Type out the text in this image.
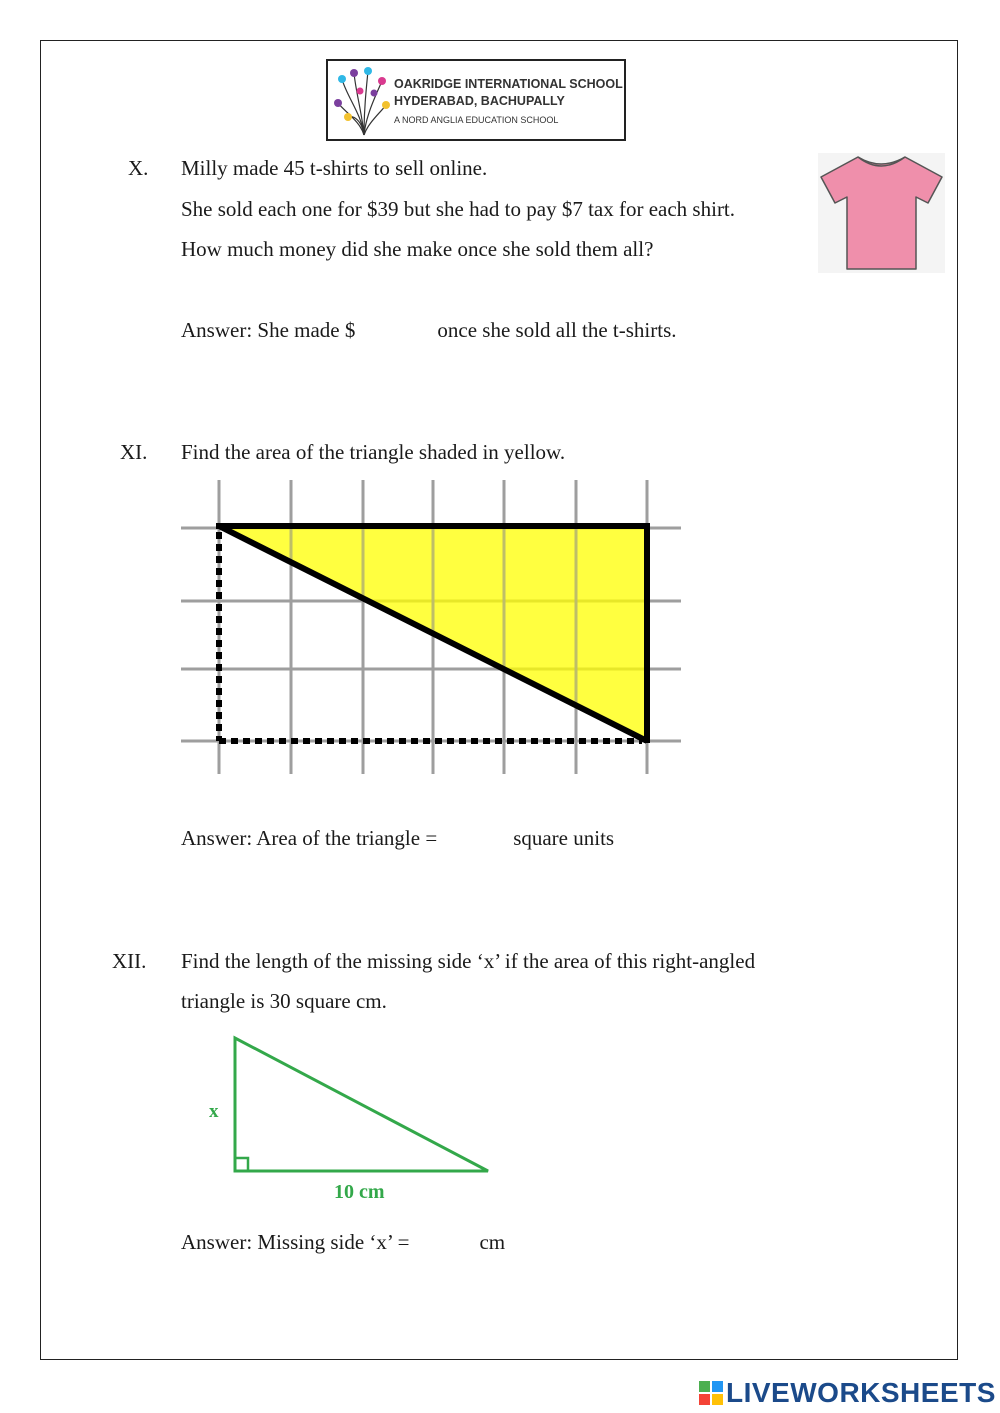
OAKRIDGE INTERNATIONAL SCHOOL
HYDERABAD, BACHUPALLY
A NORD ANGLIA EDUCATION SCHOOL
X. Milly made 45 t-shirts to sell online.
She sold each one for $39 but she had to pay $7 tax for each shirt.
How much money did she make once she sold them all?
Answer: She made $	once she sold all the t-shirts.
XI. Find the area of the triangle shaded in yellow.
Answer: Area of the triangle =	square units
XII. Find the length of the missing side ‘x’ if the area of this right-angled
triangle is 30 square cm.
x
10 cm
Answer: Missing side ‘x’ =	cm
LIVEWORKSHEETS
